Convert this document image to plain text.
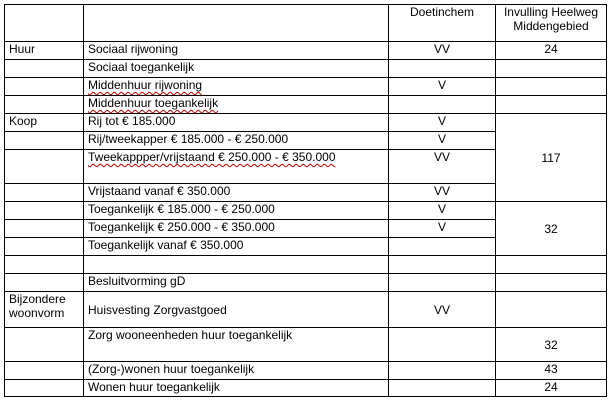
		Doetinchem	Invulling Heelweg Middengebied
Huur	Sociaal rijwoning	VV	24
	Sociaal toegankelijk		
	Middenhuur rijwoning	V	
	Middenhuur toegankelijk		
Koop	Rij tot € 185.000	V	117
	Rij/tweekapper € 185.000 - € 250.000	V	
	Tweekappper/vrijstaand € 250.000 - € 350.000	VV	
	Vrijstaand vanaf € 350.000	VV	
	Toegankelijk € 185.000 - € 250.000	V	32
	Toegankelijk € 250.000 - € 350.000	V	
	Toegankelijk vanaf € 350.000		

	Besluitvorming gD		
Bijzondere woonvorm	Huisvesting Zorgvastgoed	VV	
	Zorg wooneenheden huur toegankelijk		32
	(Zorg-)wonen huur toegankelijk		43
	Wonen huur toegankelijk		24
